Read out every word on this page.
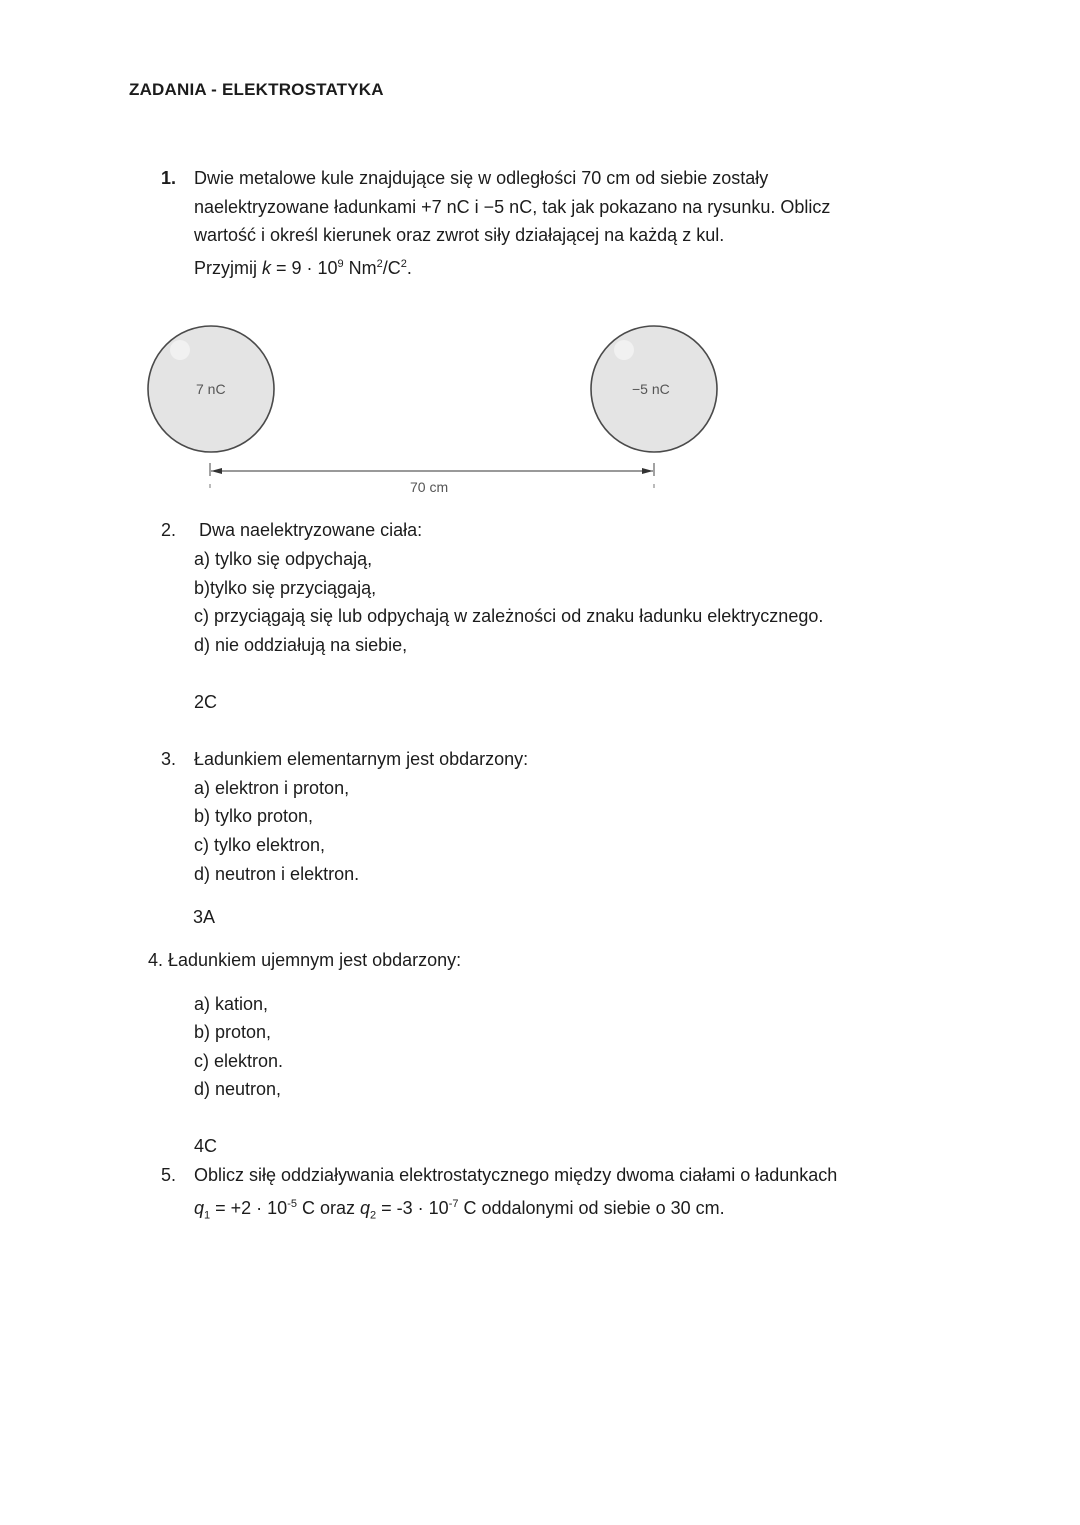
ZADANIA - ELEKTROSTATYKA
1. Dwie metalowe kule znajdujące się w odległości 70 cm od siebie zostały
naelektryzowane ładunkami +7 nC i −5 nC, tak jak pokazano na rysunku. Oblicz
wartość i określ kierunek oraz zwrot siły działającej na każdą z kul.
Przyjmij $k = 9 \cdot 10^9$ $Nm^2/C^2$.
7 nC	−5 nC
70 cm
2. Dwa naelektryzowane ciała:
a) tylko się odpychają,
b)tylko się przyciągają,
c) przyciągają się lub odpychają w zależności od znaku ładunku elektrycznego.
d) nie oddziałują na siebie,
2C
3. Ładunkiem elementarnym jest obdarzony:
a) elektron i proton,
b) tylko proton,
c) tylko elektron,
d) neutron i elektron.
3A
4. Ładunkiem ujemnym jest obdarzony:
a) kation,
b) proton,
c) elektron.
d) neutron,
4C
5. Oblicz siłę oddziaływania elektrostatycznego między dwoma ciałami o ładunkach
$q_1 = +2 \cdot 10^{-5}$ C oraz $q_2 = -3 \cdot 10^{-7}$ C oddalonymi od siebie o 30 cm.
